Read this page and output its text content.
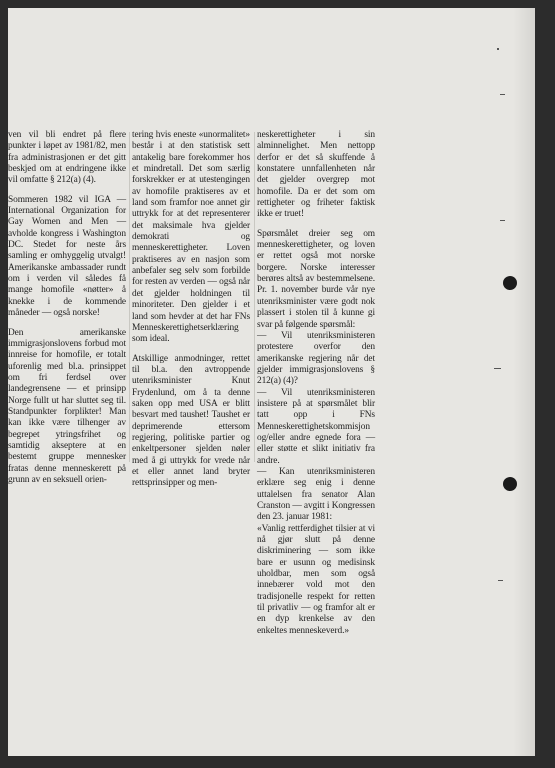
ven vil bli endret på flere punkter i løpet av 1981/82, men fra administrasjonen er det gitt beskjed om at endringene ikke vil omfatte § 212(a) (4).

Sommeren 1982 vil IGA — International Organization for Gay Women and Men — avholde kongress i Washington DC. Stedet for neste års samling er omhyggelig utvalgt! Amerikanske ambassader rundt om i verden vil således få mange homofile «nøtter» å knekke i de kommende måneder — også norske!

Den amerikanske immigrasjonslovens forbud mot innreise for homofile, er totalt uforenlig med bl.a. prinsippet om fri ferdsel over landegrensene — et prinsipp Norge fullt ut har sluttet seg til. Standpunkter forplikter! Man kan ikke være tilhenger av begrepet ytringsfrihet og samtidig akseptere at en bestemt gruppe mennesker fratas denne menneskerett på grunn av en seksuell orien-

tering hvis eneste «unormalitet» består i at den statistisk sett antakelig bare forekommer hos et mindretall. Det som særlig forskrekker er at utestengingen av homofile praktiseres av et land som framfor noe annet gir uttrykk for at det representerer det maksimale hva gjelder demokrati og menneskerettigheter. Loven praktiseres av en nasjon som anbefaler seg selv som forbilde for resten av verden — også når det gjelder holdningen til minoriteter. Den gjelder i et land som hevder at det har FNs Menneskerettighetserklæring som ideal.

Atskillige anmodninger, rettet til bl.a. den avtroppende utenriksminister Knut Frydenlund, om å ta denne saken opp med USA er blitt besvart med taushet! Taushet er deprimerende ettersom regjering, politiske partier og enkeltpersoner sjelden nøler med å gi uttrykk for vrede når et eller annet land bryter rettsprinsipper og men-

neskerettigheter i sin alminnelighet. Men nettopp derfor er det så skuffende å konstatere unnfallenheten når det gjelder overgrep mot homofile. Da er det som om rettigheter og friheter faktisk ikke er truet!

Spørsmålet dreier seg om menneskerettigheter, og loven er rettet også mot norske borgere. Norske interesser berøres altså av bestemmelsene. Pr. 1. november burde vår nye utenriksminister være godt nok plassert i stolen til å kunne gi svar på følgende spørsmål:

— Vil utenriksministeren protestere overfor den amerikanske regjering når det gjelder immigrasjonslovens § 212(a) (4)?

— Vil utenriksministeren insistere på at spørsmålet blir tatt opp i FNs Menneskerettighetskommisjon og/eller andre egnede fora — eller støtte et slikt initiativ fra andre.

— Kan utenriksministeren erklære seg enig i denne uttalelsen fra senator Alan Cranston — avgitt i Kongressen den 23. januar 1981:

«Vanlig rettferdighet tilsier at vi nå gjør slutt på denne diskriminering — som ikke bare er usunn og medisinsk uholdbar, men som også innebærer vold mot den tradisjonelle respekt for retten til privatliv — og framfor alt er en dyp krenkelse av den enkeltes menneskeverd.»
